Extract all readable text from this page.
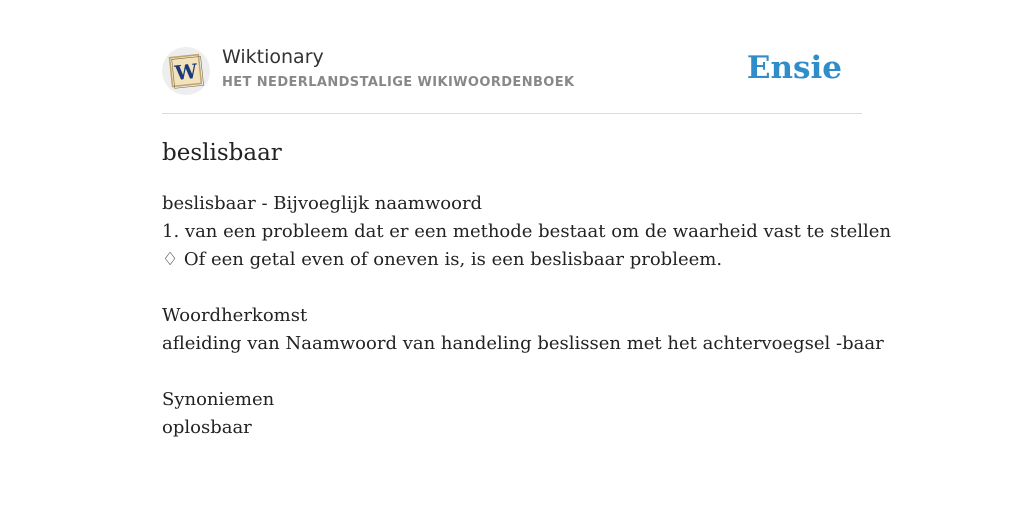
W
Wiktionary
HET NEDERLANDSTALIGE WIKIWOORDENBOEK	Ensie
beslisbaar
beslisbaar - Bijvoeglijk naamwoord
1. van een probleem dat er een methode bestaat om de waarheid vast te stellen
♢ Of een getal even of oneven is, is een beslisbaar probleem.
Woordherkomst
afleiding van Naamwoord van handeling beslissen met het achtervoegsel -baar
Synoniemen
oplosbaar
